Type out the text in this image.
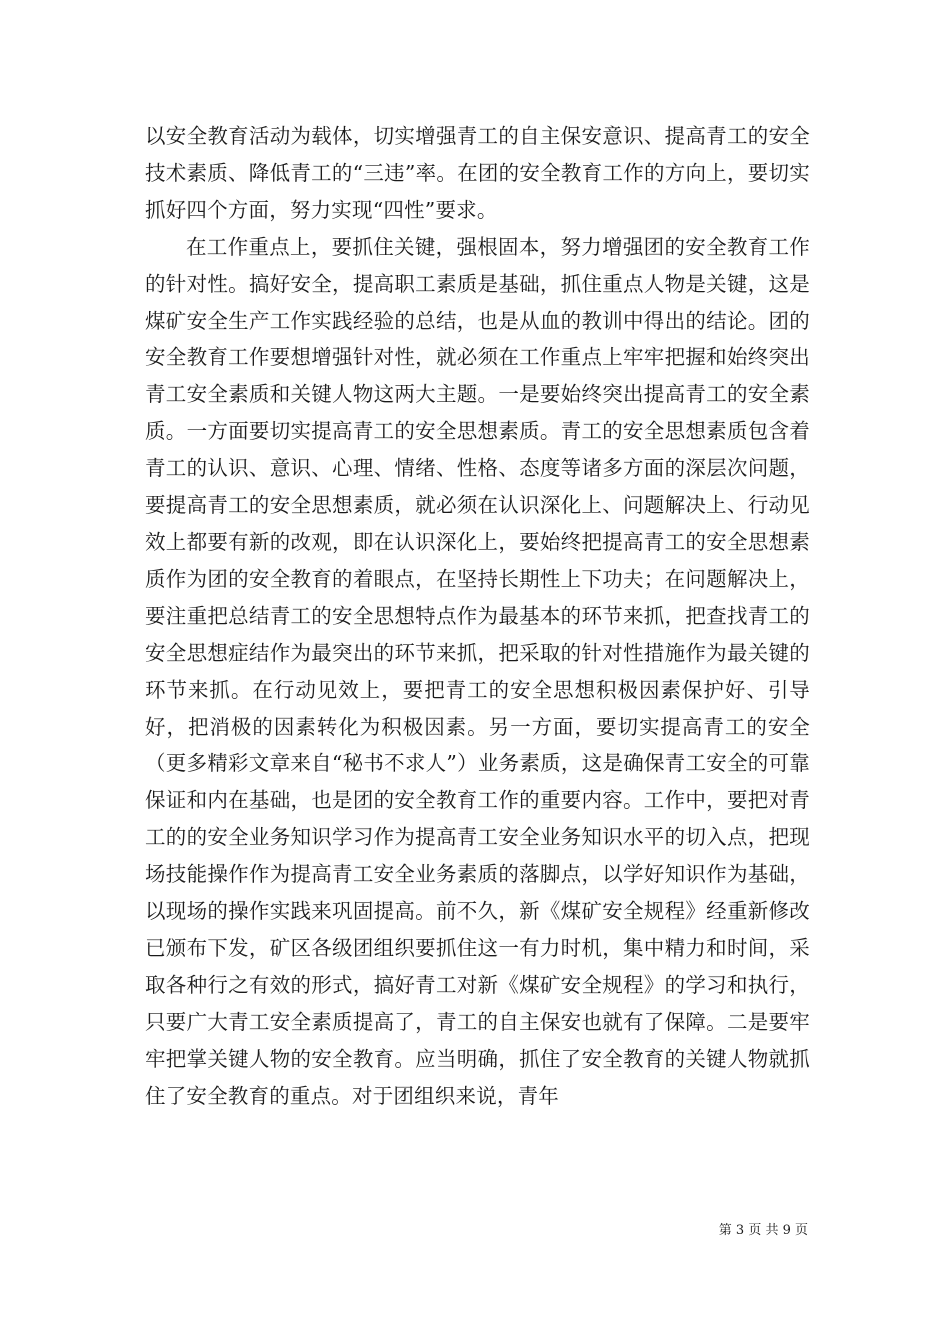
以安全教育活动为载体，切实增强青工的自主保安意识、提高青工的安全技术素质、降低青工的“三违”率。在团的安全教育工作的方向上，要切实抓好四个方面，努力实现“四性”要求。

在工作重点上，要抓住关键，强根固本，努力增强团的安全教育工作的针对性。搞好安全，提高职工素质是基础，抓住重点人物是关键，这是煤矿安全生产工作实践经验的总结，也是从血的教训中得出的结论。团的安全教育工作要想增强针对性，就必须在工作重点上牢牢把握和始终突出青工安全素质和关键人物这两大主题。一是要始终突出提高青工的安全素质。一方面要切实提高青工的安全思想素质。青工的安全思想素质包含着青工的认识、意识、心理、情绪、性格、态度等诸多方面的深层次问题，要提高青工的安全思想素质，就必须在认识深化上、问题解决上、行动见效上都要有新的改观，即在认识深化上，要始终把提高青工的安全思想素质作为团的安全教育的着眼点，在坚持长期性上下功夫；在问题解决上，要注重把总结青工的安全思想特点作为最基本的环节来抓，把查找青工的安全思想症结作为最突出的环节来抓，把采取的针对性措施作为最关键的环节来抓。在行动见效上，要把青工的安全思想积极因素保护好、引导好，把消极的因素转化为积极因素。另一方面，要切实提高青工的安全（更多精彩文章来自“秘书不求人”）业务素质，这是确保青工安全的可靠保证和内在基础，也是团的安全教育工作的重要内容。工作中，要把对青工的的安全业务知识学习作为提高青工安全业务知识水平的切入点，把现场技能操作作为提高青工安全业务素质的落脚点，以学好知识作为基础，以现场的操作实践来巩固提高。前不久，新《煤矿安全规程》经重新修改已颁布下发，矿区各级团组织要抓住这一有力时机，集中精力和时间，采取各种行之有效的形式，搞好青工对新《煤矿安全规程》的学习和执行，只要广大青工安全素质提高了，青工的自主保安也就有了保障。二是要牢牢把掌关键人物的安全教育。应当明确，抓住了安全教育的关键人物就抓住了安全教育的重点。对于团组织来说，青年

第 3 页 共 9 页
